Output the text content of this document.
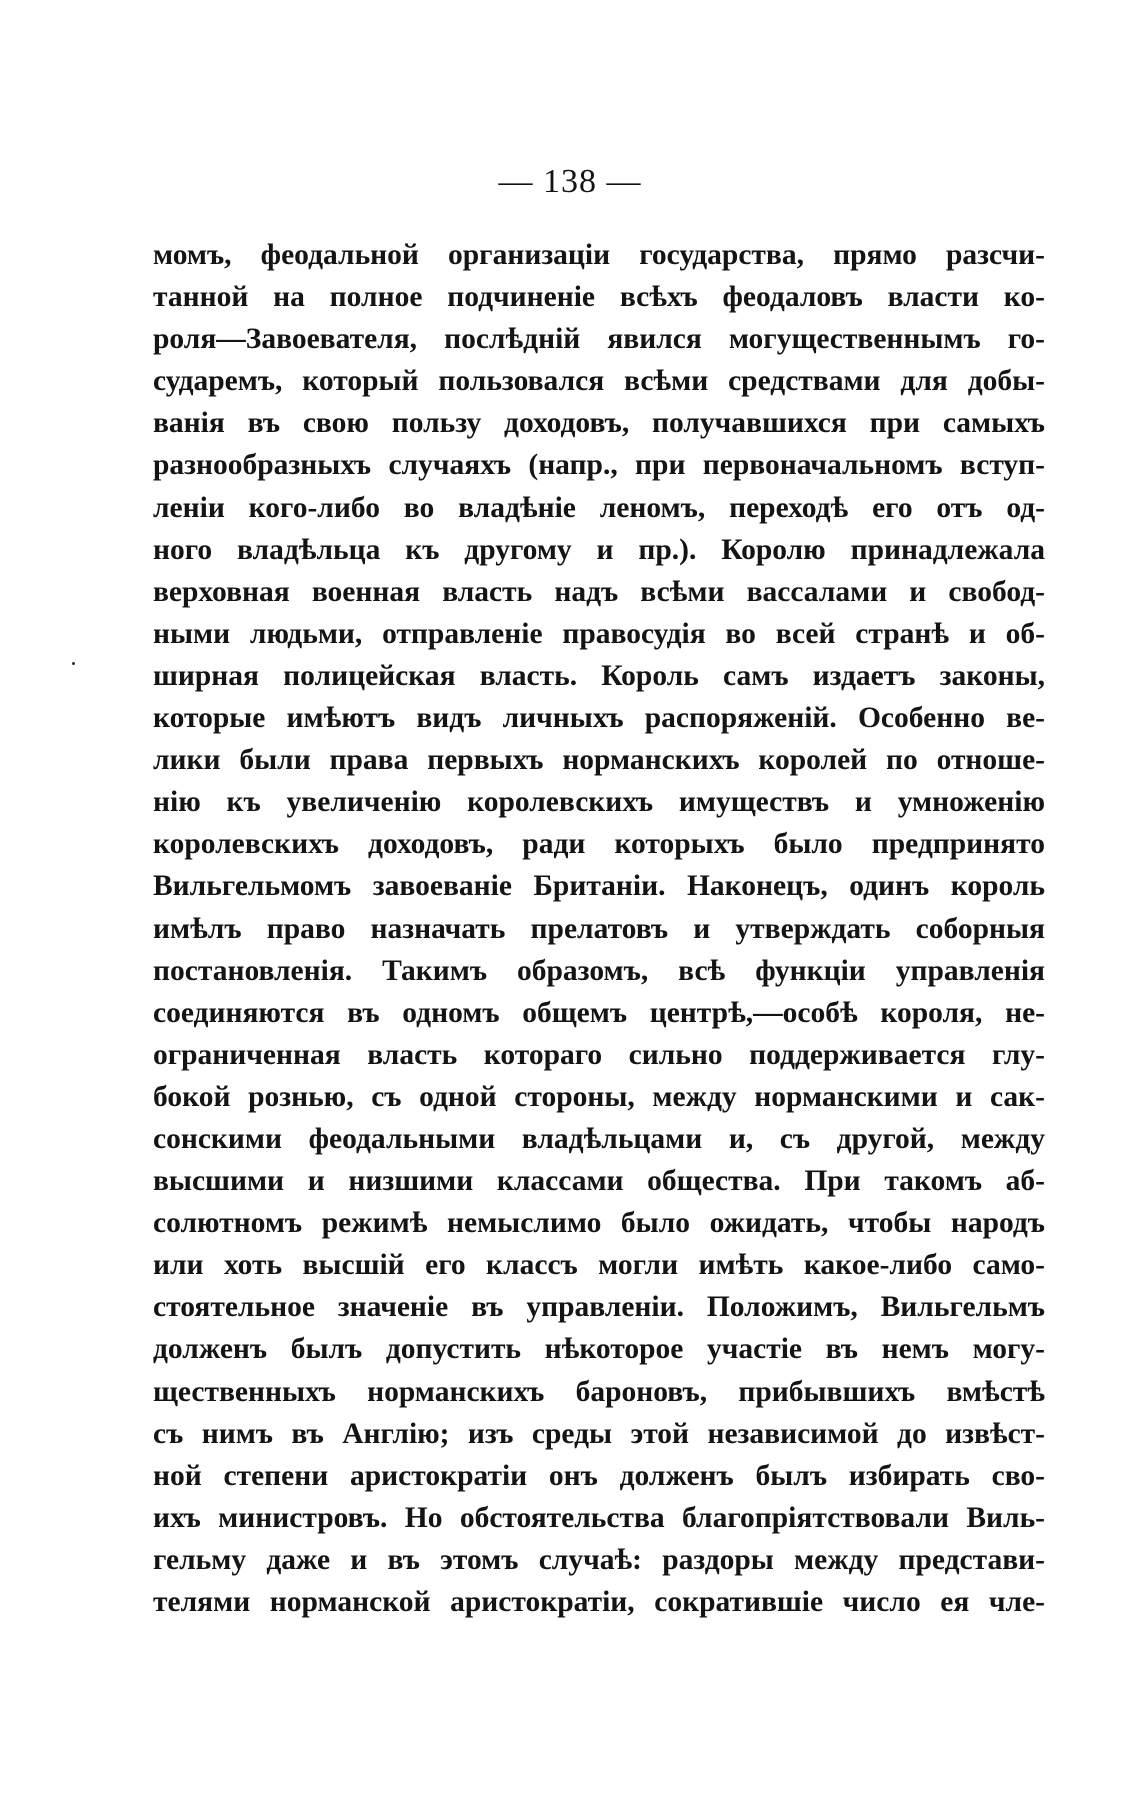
— 138 —
момъ, феодальной организаціи государства, прямо разсчи-
танной на полное подчиненіе всѣхъ феодаловъ власти ко-
роля—Завоевателя, послѣдній явился могущественнымъ го-
сударемъ, который пользовался всѣми средствами для добы-
ванія въ свою пользу доходовъ, получавшихся при самыхъ
разнообразныхъ случаяхъ (напр., при первоначальномъ вступ-
леніи кого-либо во владѣніе леномъ, переходѣ его отъ од-
ного владѣльца къ другому и пр.). Королю принадлежала
верховная военная власть надъ всѣми вассалами и свобод-
ными людьми, отправленіе правосудія во всей странѣ и об-
ширная полицейская власть. Король самъ издаетъ законы,
которые имѣютъ видъ личныхъ распоряженій. Особенно ве-
лики были права первыхъ норманскихъ королей по отноше-
нію къ увеличенію королевскихъ имуществъ и умноженію
королевскихъ доходовъ, ради которыхъ было предпринято
Вильгельмомъ завоеваніе Британіи. Наконецъ, одинъ король
имѣлъ право назначать прелатовъ и утверждать соборныя
постановленія. Такимъ образомъ, всѣ функціи управленія
соединяются въ одномъ общемъ центрѣ,—особѣ короля, не-
ограниченная власть котораго сильно поддерживается глу-
бокой рознью, съ одной стороны, между норманскими и сак-
сонскими феодальными владѣльцами и, съ другой, между
высшими и низшими классами общества. При такомъ аб-
солютномъ режимѣ немыслимо было ожидать, чтобы народъ
или хоть высшій его классъ могли имѣть какое-либо само-
стоятельное значеніе въ управленіи. Положимъ, Вильгельмъ
долженъ былъ допустить нѣкоторое участіе въ немъ могу-
щественныхъ норманскихъ бароновъ, прибывшихъ вмѣстѣ
съ нимъ въ Англію; изъ среды этой независимой до извѣст-
ной степени аристократіи онъ долженъ былъ избирать сво-
ихъ министровъ. Но обстоятельства благопріятствовали Виль-
гельму даже и въ этомъ случаѣ: раздоры между представи-
телями норманской аристократіи, сократившіе число ея чле-
